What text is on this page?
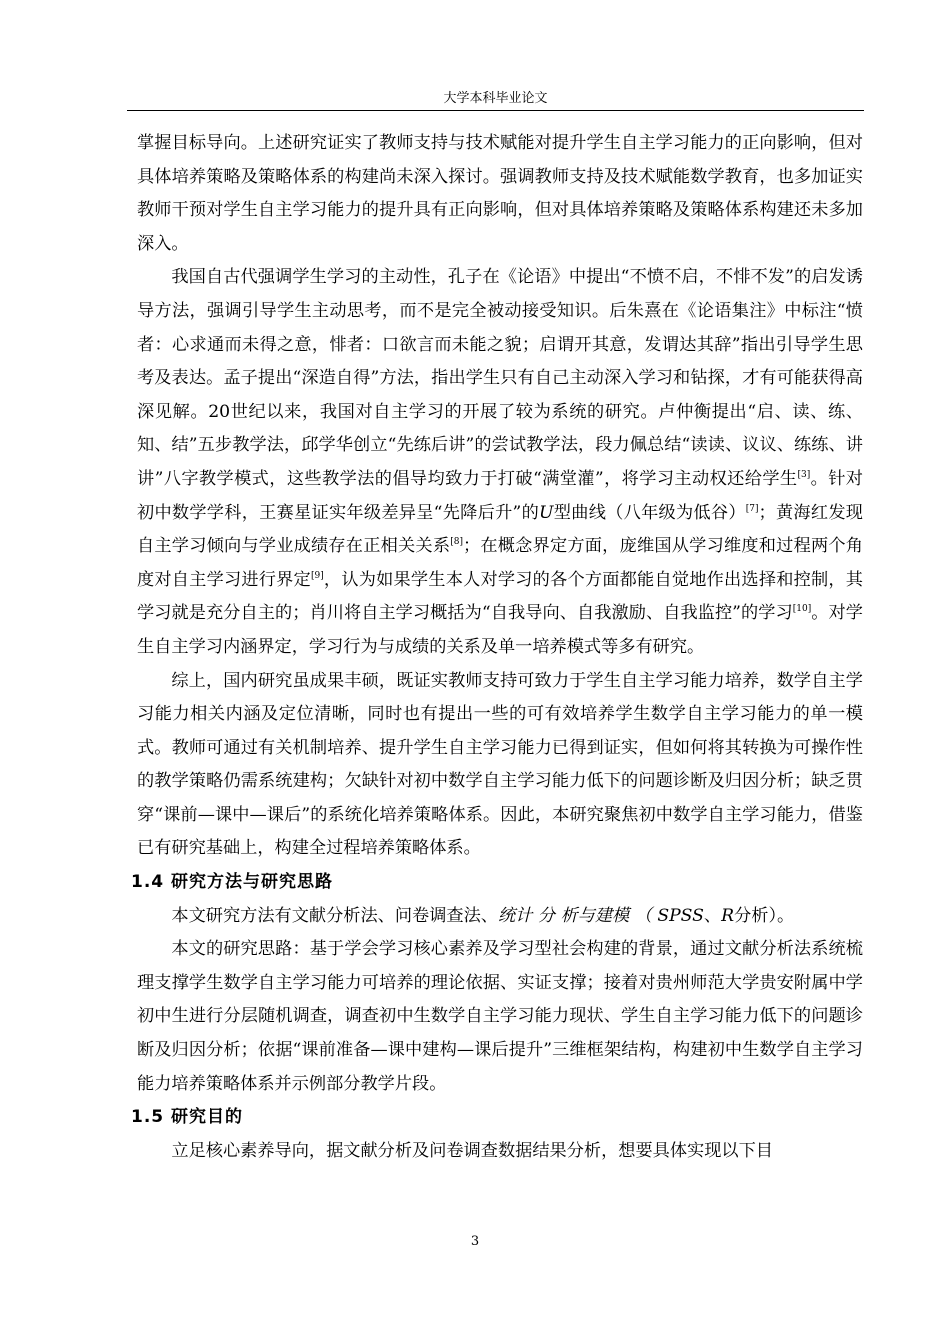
大学本科毕业论文

掌握目标导向。上述研究证实了教师支持与技术赋能对提升学生自主学习能力的正向影响，但对具体培养策略及策略体系的构建尚未深入探讨。强调教师支持及技术赋能数学教育，也多加证实教师干预对学生自主学习能力的提升具有正向影响，但对具体培养策略及策略体系构建还未多加深入。

我国自古代强调学生学习的主动性，孔子在《论语》中提出“不愤不启，不悱不发”的启发诱导方法，强调引导学生主动思考，而不是完全被动接受知识。后朱熹在《论语集注》中标注“愤者：心求通而未得之意，悱者：口欲言而未能之貌；启谓开其意，发谓达其辞”指出引导学生思考及表达。孟子提出“深造自得”方法，指出学生只有自己主动深入学习和钻探，才有可能获得高深见解。20世纪以来，我国对自主学习的开展了较为系统的研究。卢仲衡提出“启、读、练、知、结”五步教学法，邱学华创立“先练后讲”的尝试教学法，段力佩总结“读读、议议、练练、讲讲”八字教学模式，这些教学法的倡导均致力于打破“满堂灌”，将学习主动权还给学生[3]。针对初中数学学科，王赛星证实年级差异呈“先降后升”的U型曲线（八年级为低谷）[7]；黄海红发现自主学习倾向与学业成绩存在正相关关系[8]；在概念界定方面，庞维国从学习维度和过程两个角度对自主学习进行界定[9]，认为如果学生本人对学习的各个方面都能自觉地作出选择和控制，其学习就是充分自主的；肖川将自主学习概括为“自我导向、自我激励、自我监控”的学习[10]。对学生自主学习内涵界定，学习行为与成绩的关系及单一培养模式等多有研究。

综上，国内研究虽成果丰硕，既证实教师支持可致力于学生自主学习能力培养，数学自主学习能力相关内涵及定位清晰，同时也有提出一些的可有效培养学生数学自主学习能力的单一模式。教师可通过有关机制培养、提升学生自主学习能力已得到证实，但如何将其转换为可操作性的教学策略仍需系统建构；欠缺针对初中数学自主学习能力低下的问题诊断及归因分析；缺乏贯穿“课前—课中—课后”的系统化培养策略体系。因此，本研究聚焦初中数学自主学习能力，借鉴已有研究基础上，构建全过程培养策略体系。

1.4 研究方法与研究思路

本文研究方法有文献分析法、问卷调查法、统计 分 析与建模 （ SPSS、R分析）。

本文的研究思路：基于学会学习核心素养及学习型社会构建的背景，通过文献分析法系统梳理支撑学生数学自主学习能力可培养的理论依据、实证支撑；接着对贵州师范大学贵安附属中学初中生进行分层随机调查，调查初中生数学自主学习能力现状、学生自主学习能力低下的问题诊断及归因分析；依据“课前准备—课中建构—课后提升”三维框架结构，构建初中生数学自主学习能力培养策略体系并示例部分教学片段。

1.5 研究目的

立足核心素养导向，据文献分析及问卷调查数据结果分析，想要具体实现以下目

3
